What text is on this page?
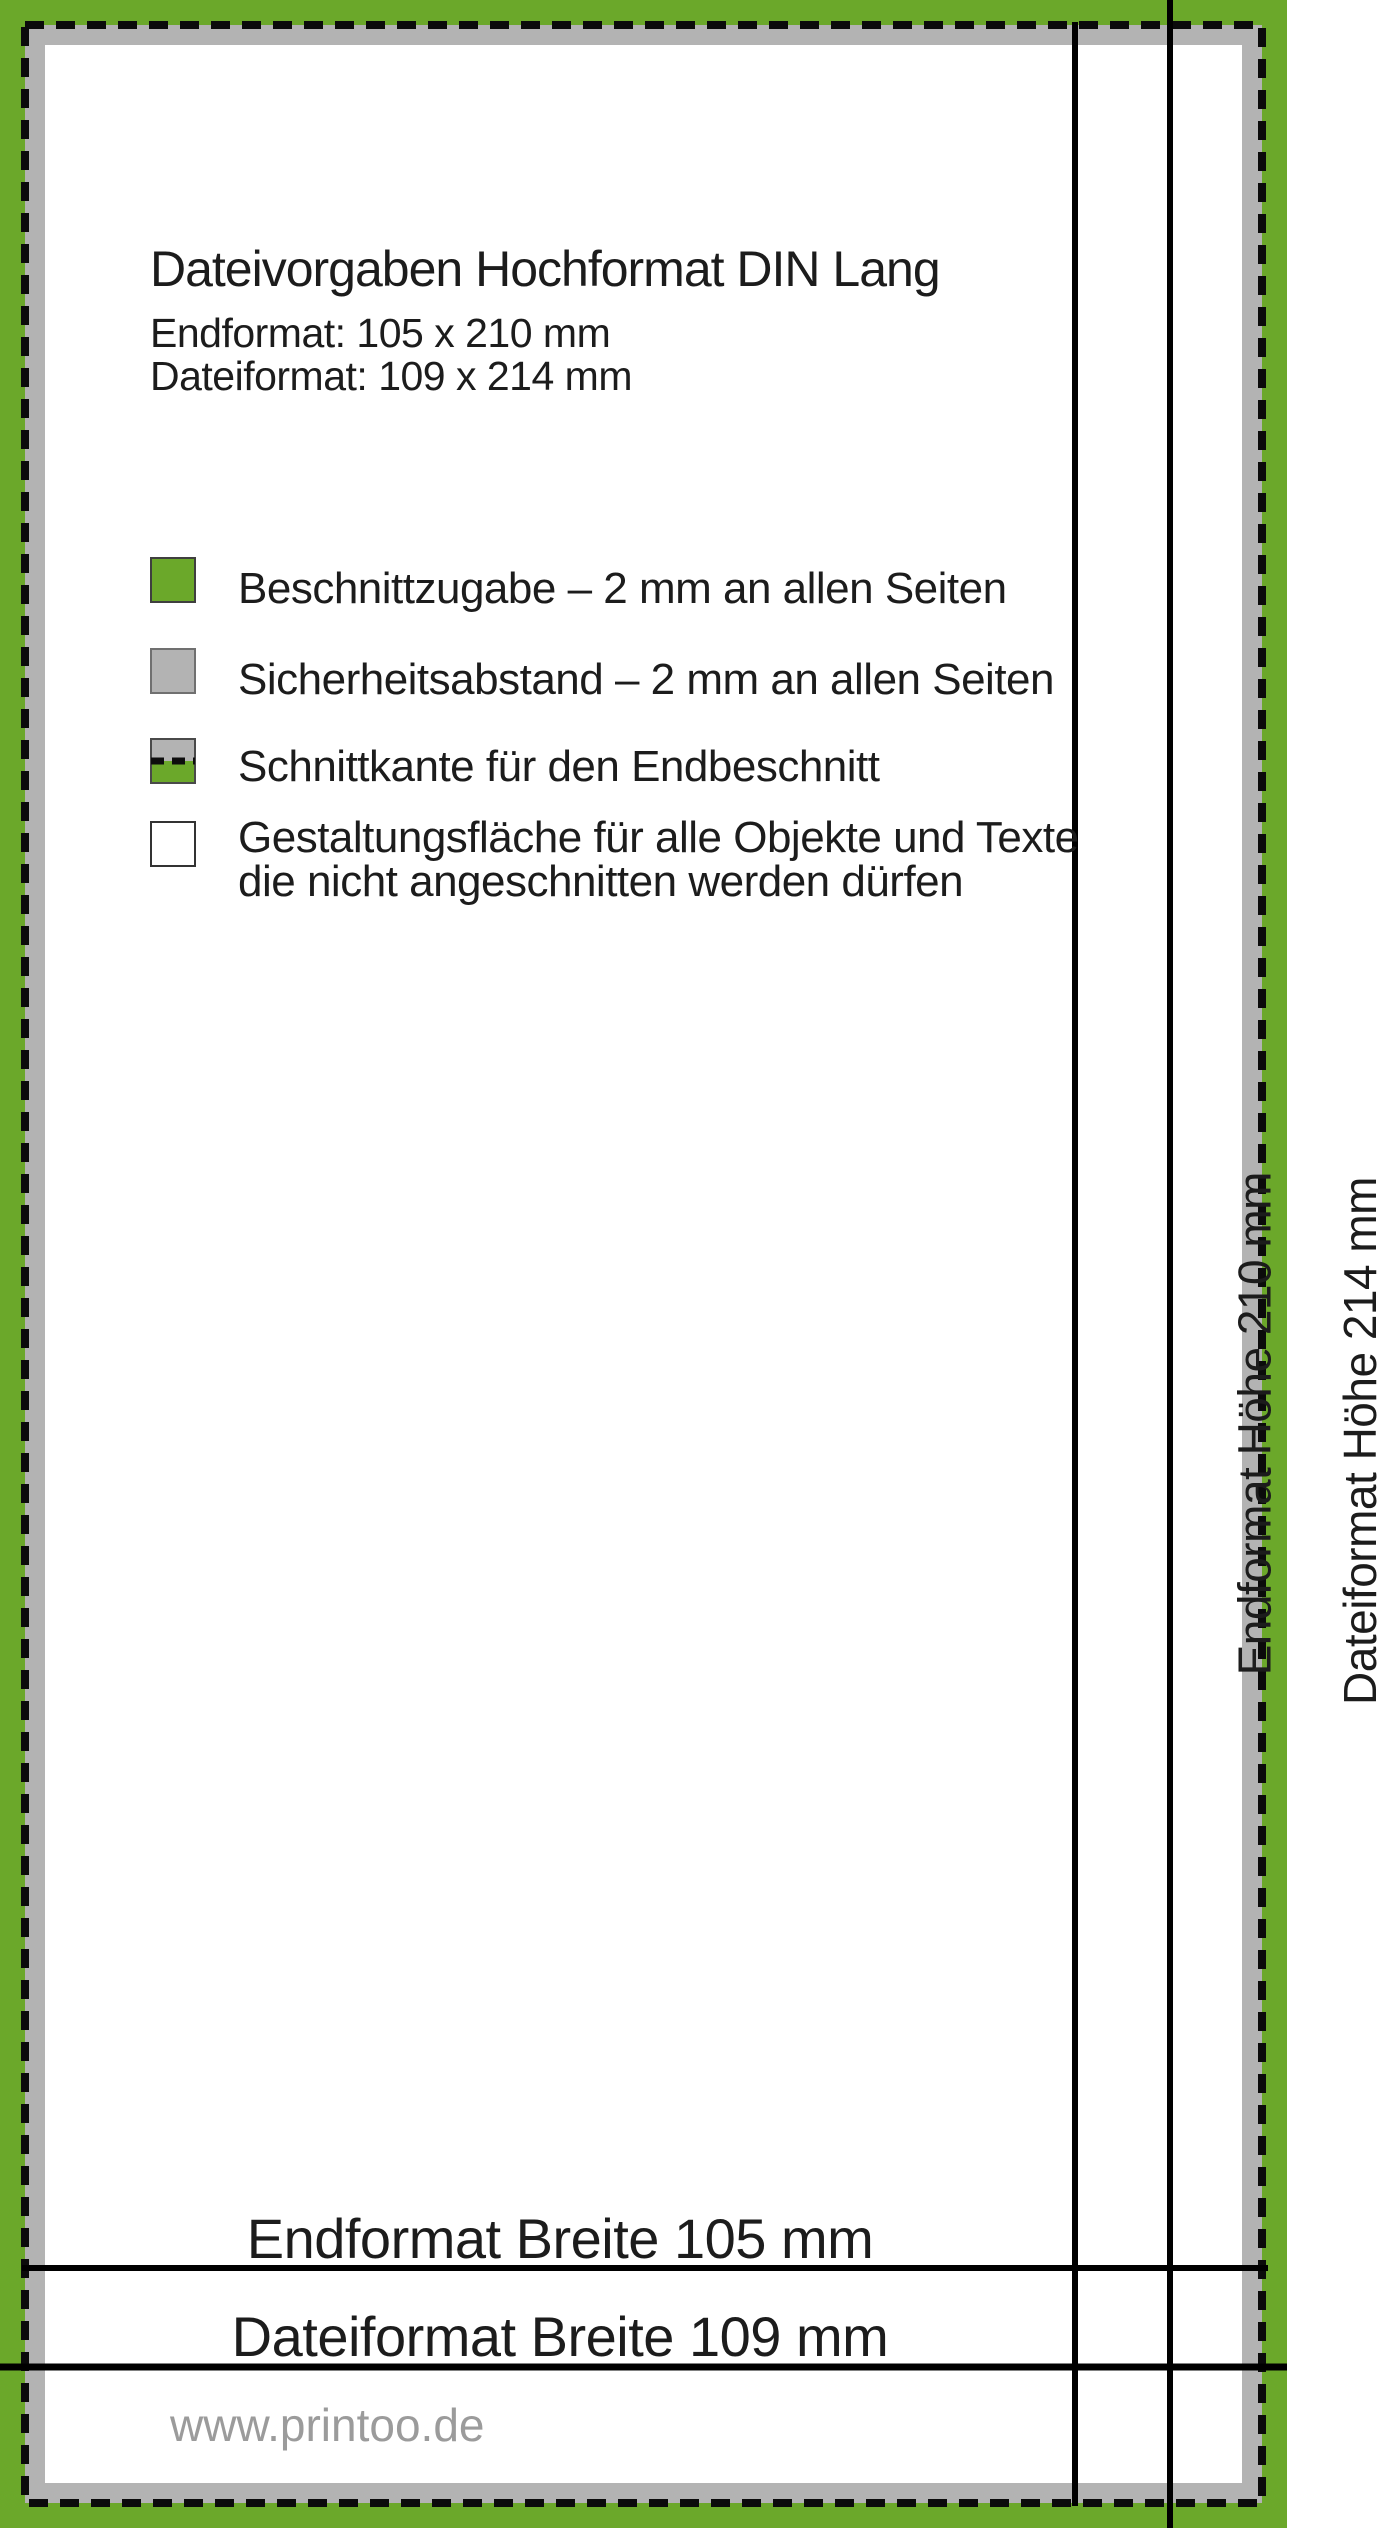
Dateivorgaben Hochformat DIN Lang
Endformat: 105 x 210 mm
Dateiformat: 109 x 214 mm
Beschnittzugabe – 2 mm an allen Seiten
Sicherheitsabstand – 2 mm an allen Seiten
Schnittkante für den Endbeschnitt
Gestaltungsfläche für alle Objekte und Texte
die nicht angeschnitten werden dürfen
Endformat Höhe 210 mm Dateiformat Höhe 214 mm
Endformat Breite 105 mm
Dateiformat Breite 109 mm
www.printoo.de
